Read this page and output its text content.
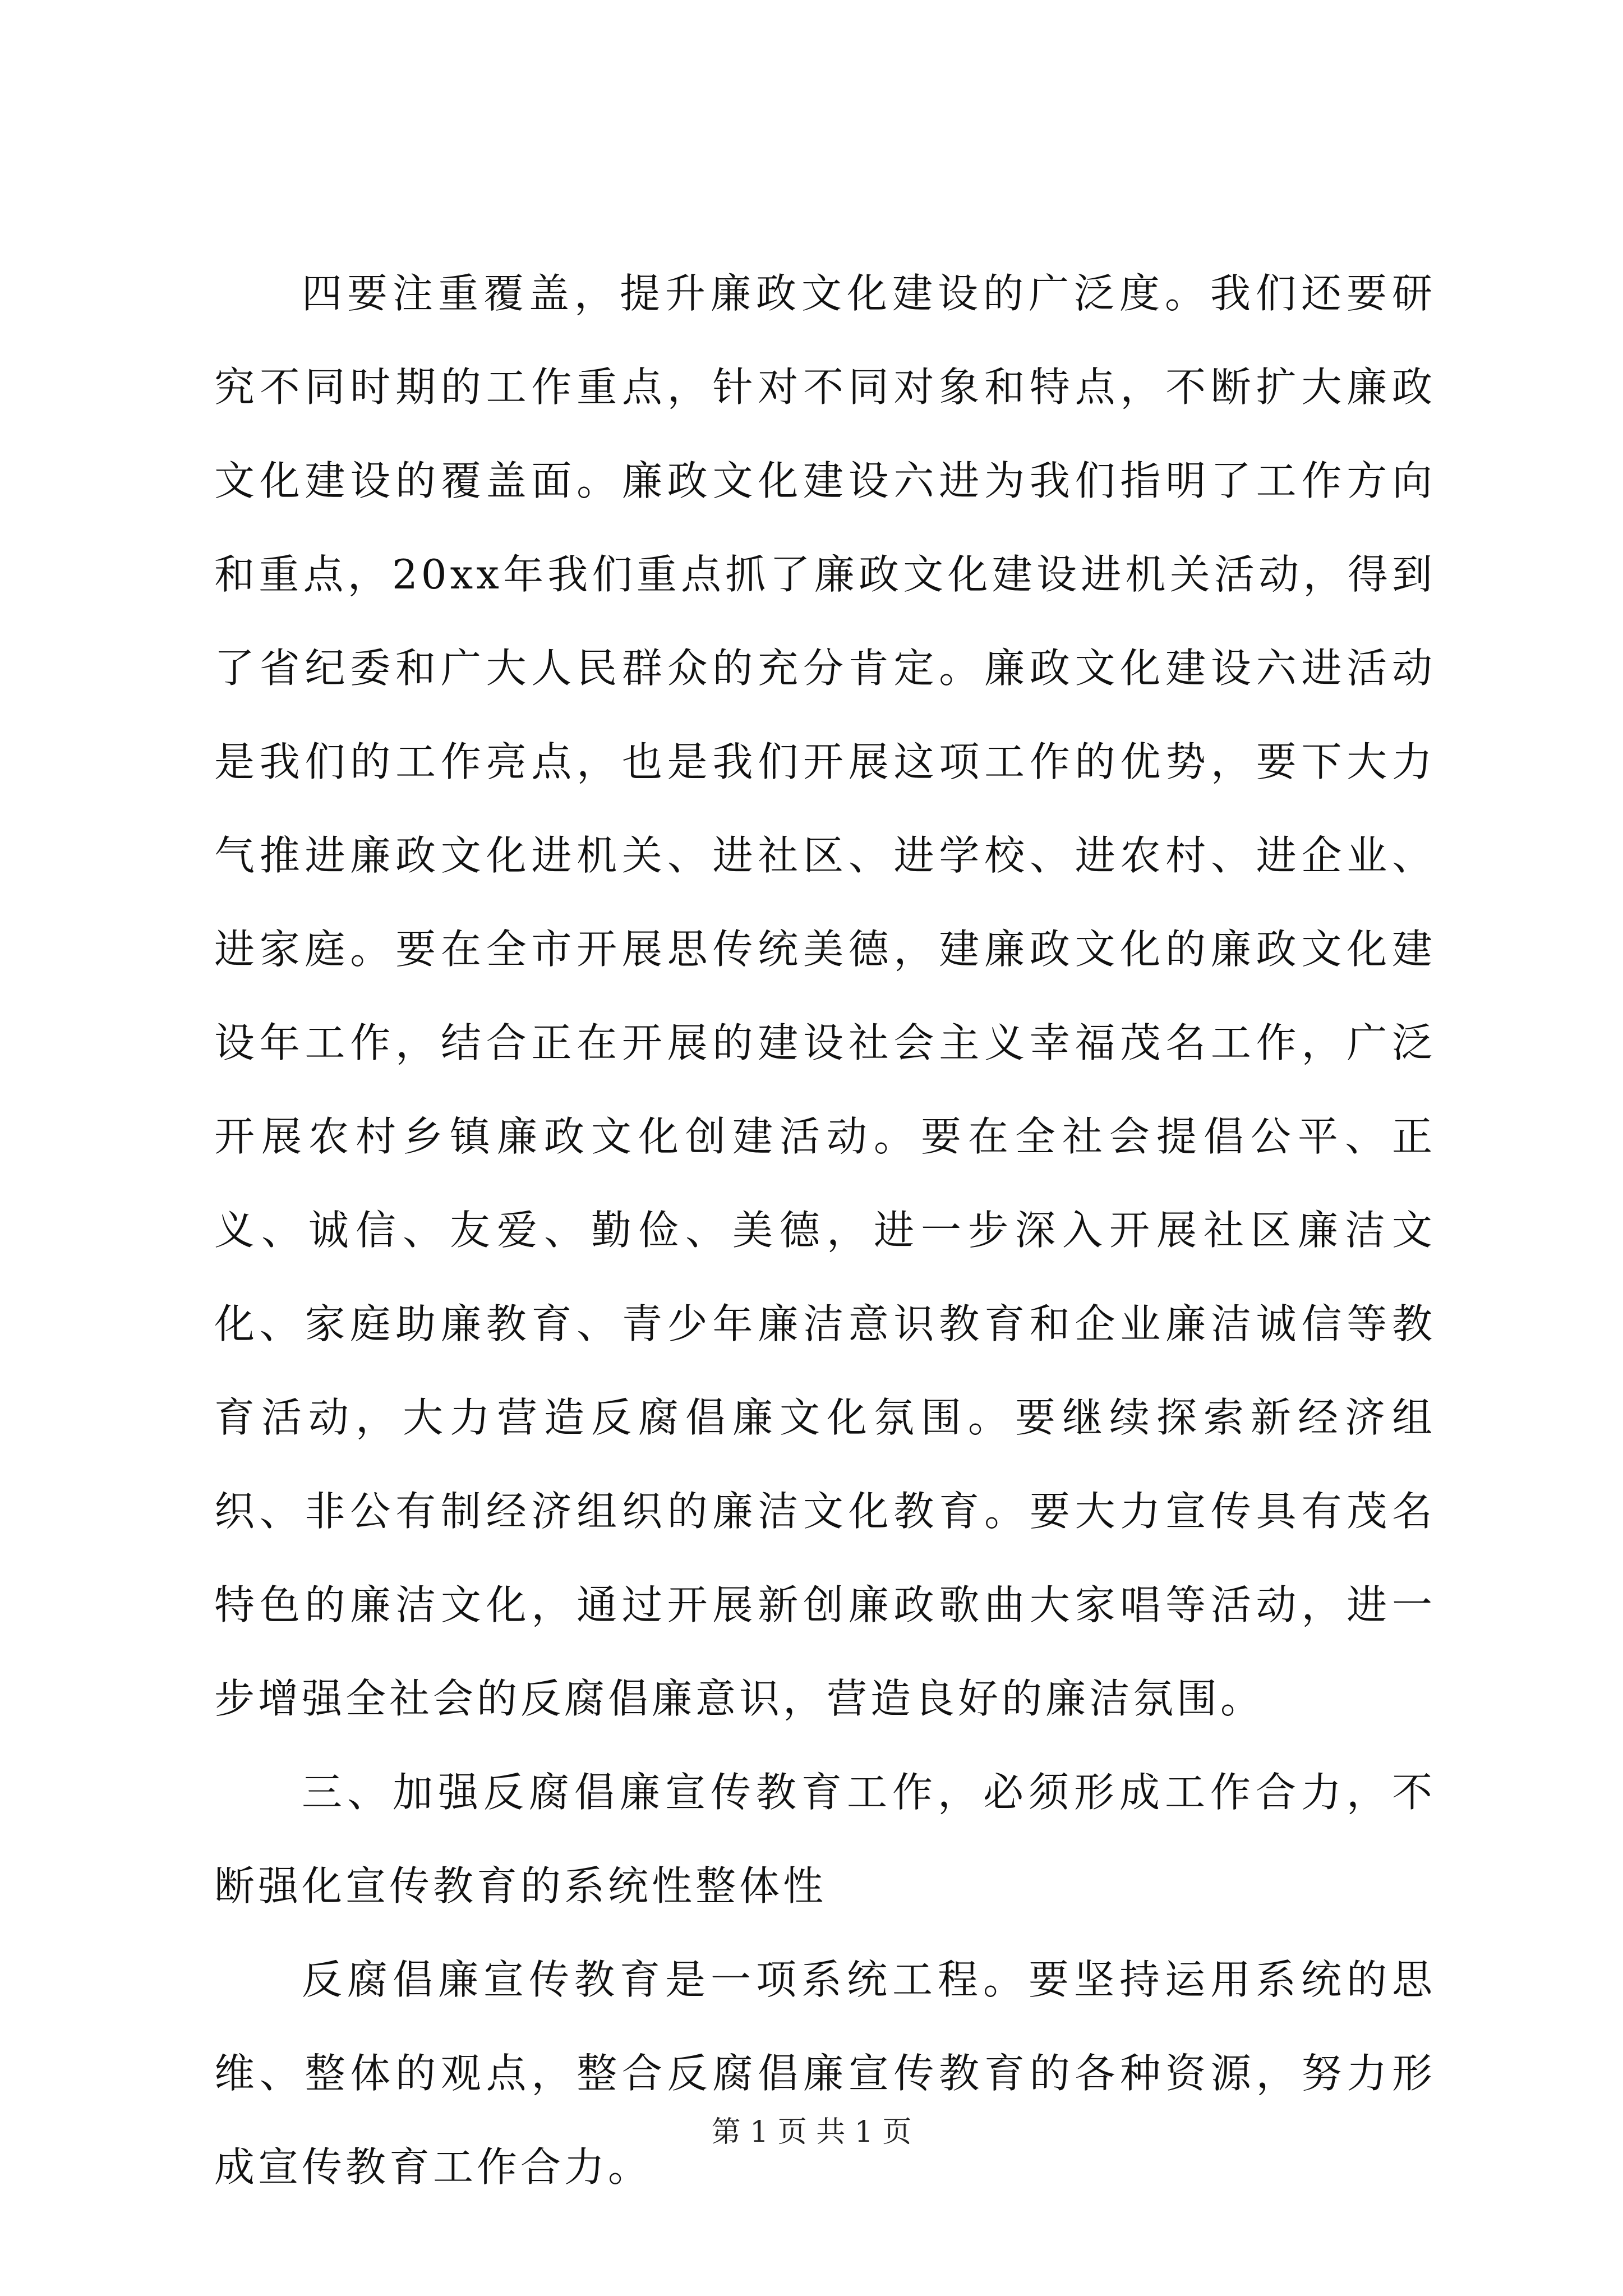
四要注重覆盖，提升廉政文化建设的广泛度。我们还要研究不同时期的工作重点，针对不同对象和特点，不断扩大廉政文化建设的覆盖面。廉政文化建设六进为我们指明了工作方向和重点，20xx年我们重点抓了廉政文化建设进机关活动，得到了省纪委和广大人民群众的充分肯定。廉政文化建设六进活动是我们的工作亮点，也是我们开展这项工作的优势，要下大力气推进廉政文化进机关、进社区、进学校、进农村、进企业、进家庭。要在全市开展思传统美德，建廉政文化的廉政文化建设年工作，结合正在开展的建设社会主义幸福茂名工作，广泛开展农村乡镇廉政文化创建活动。要在全社会提倡公平、正义、诚信、友爱、勤俭、美德，进一步深入开展社区廉洁文化、家庭助廉教育、青少年廉洁意识教育和企业廉洁诚信等教育活动，大力营造反腐倡廉文化氛围。要继续探索新经济组织、非公有制经济组织的廉洁文化教育。要大力宣传具有茂名特色的廉洁文化，通过开展新创廉政歌曲大家唱等活动，进一步增强全社会的反腐倡廉意识，营造良好的廉洁氛围。

三、加强反腐倡廉宣传教育工作，必须形成工作合力，不断强化宣传教育的系统性整体性

反腐倡廉宣传教育是一项系统工程。要坚持运用系统的思维、整体的观点，整合反腐倡廉宣传教育的各种资源，努力形成宣传教育工作合力。

第 1 页 共 1 页
